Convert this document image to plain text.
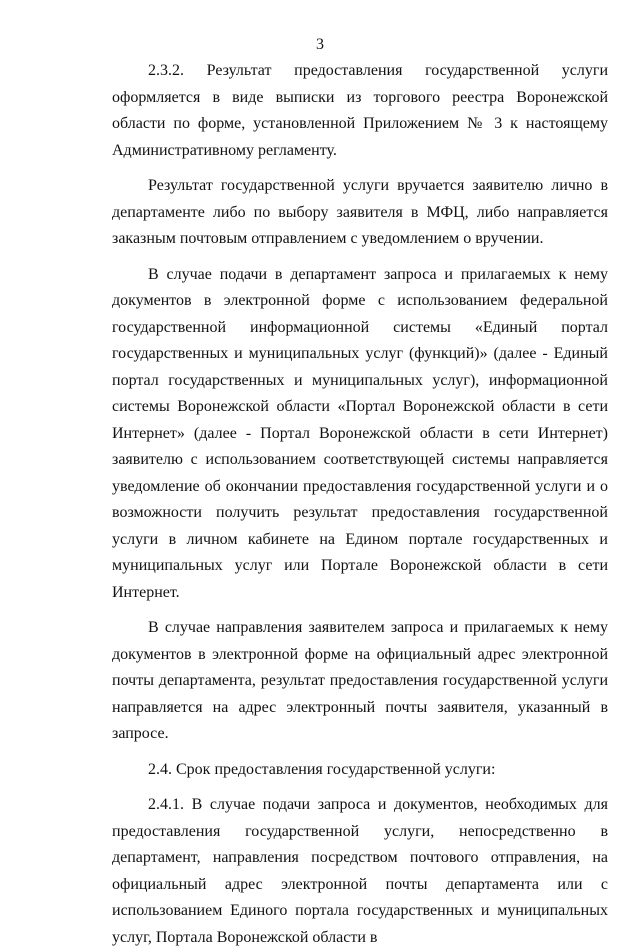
3

2.3.2. Результат предоставления государственной услуги оформляется в виде выписки из торгового реестра Воронежской области по форме, установленной Приложением № 3 к настоящему Административному регламенту.

Результат государственной услуги вручается заявителю лично в департаменте либо по выбору заявителя в МФЦ, либо направляется заказным почтовым отправлением с уведомлением о вручении.

В случае подачи в департамент запроса и прилагаемых к нему документов в электронной форме с использованием федеральной государственной информационной системы «Единый портал государственных и муниципальных услуг (функций)» (далее - Единый портал государственных и муниципальных услуг), информационной системы Воронежской области «Портал Воронежской области в сети Интернет» (далее - Портал Воронежской области в сети Интернет) заявителю с использованием соответствующей системы направляется уведомление об окончании предоставления государственной услуги и о возможности получить результат предоставления государственной услуги в личном кабинете на Едином портале государственных и муниципальных услуг или Портале Воронежской области в сети Интернет.

В случае направления заявителем запроса и прилагаемых к нему документов в электронной форме на официальный адрес электронной почты департамента, результат предоставления государственной услуги направляется на адрес электронный почты заявителя, указанный в запросе.

2.4. Срок предоставления государственной услуги:

2.4.1. В случае подачи запроса и документов, необходимых для предоставления государственной услуги, непосредственно в департамент, направления посредством почтового отправления, на официальный адрес электронной почты департамента или с использованием Единого портала государственных и муниципальных услуг, Портала Воронежской области в
